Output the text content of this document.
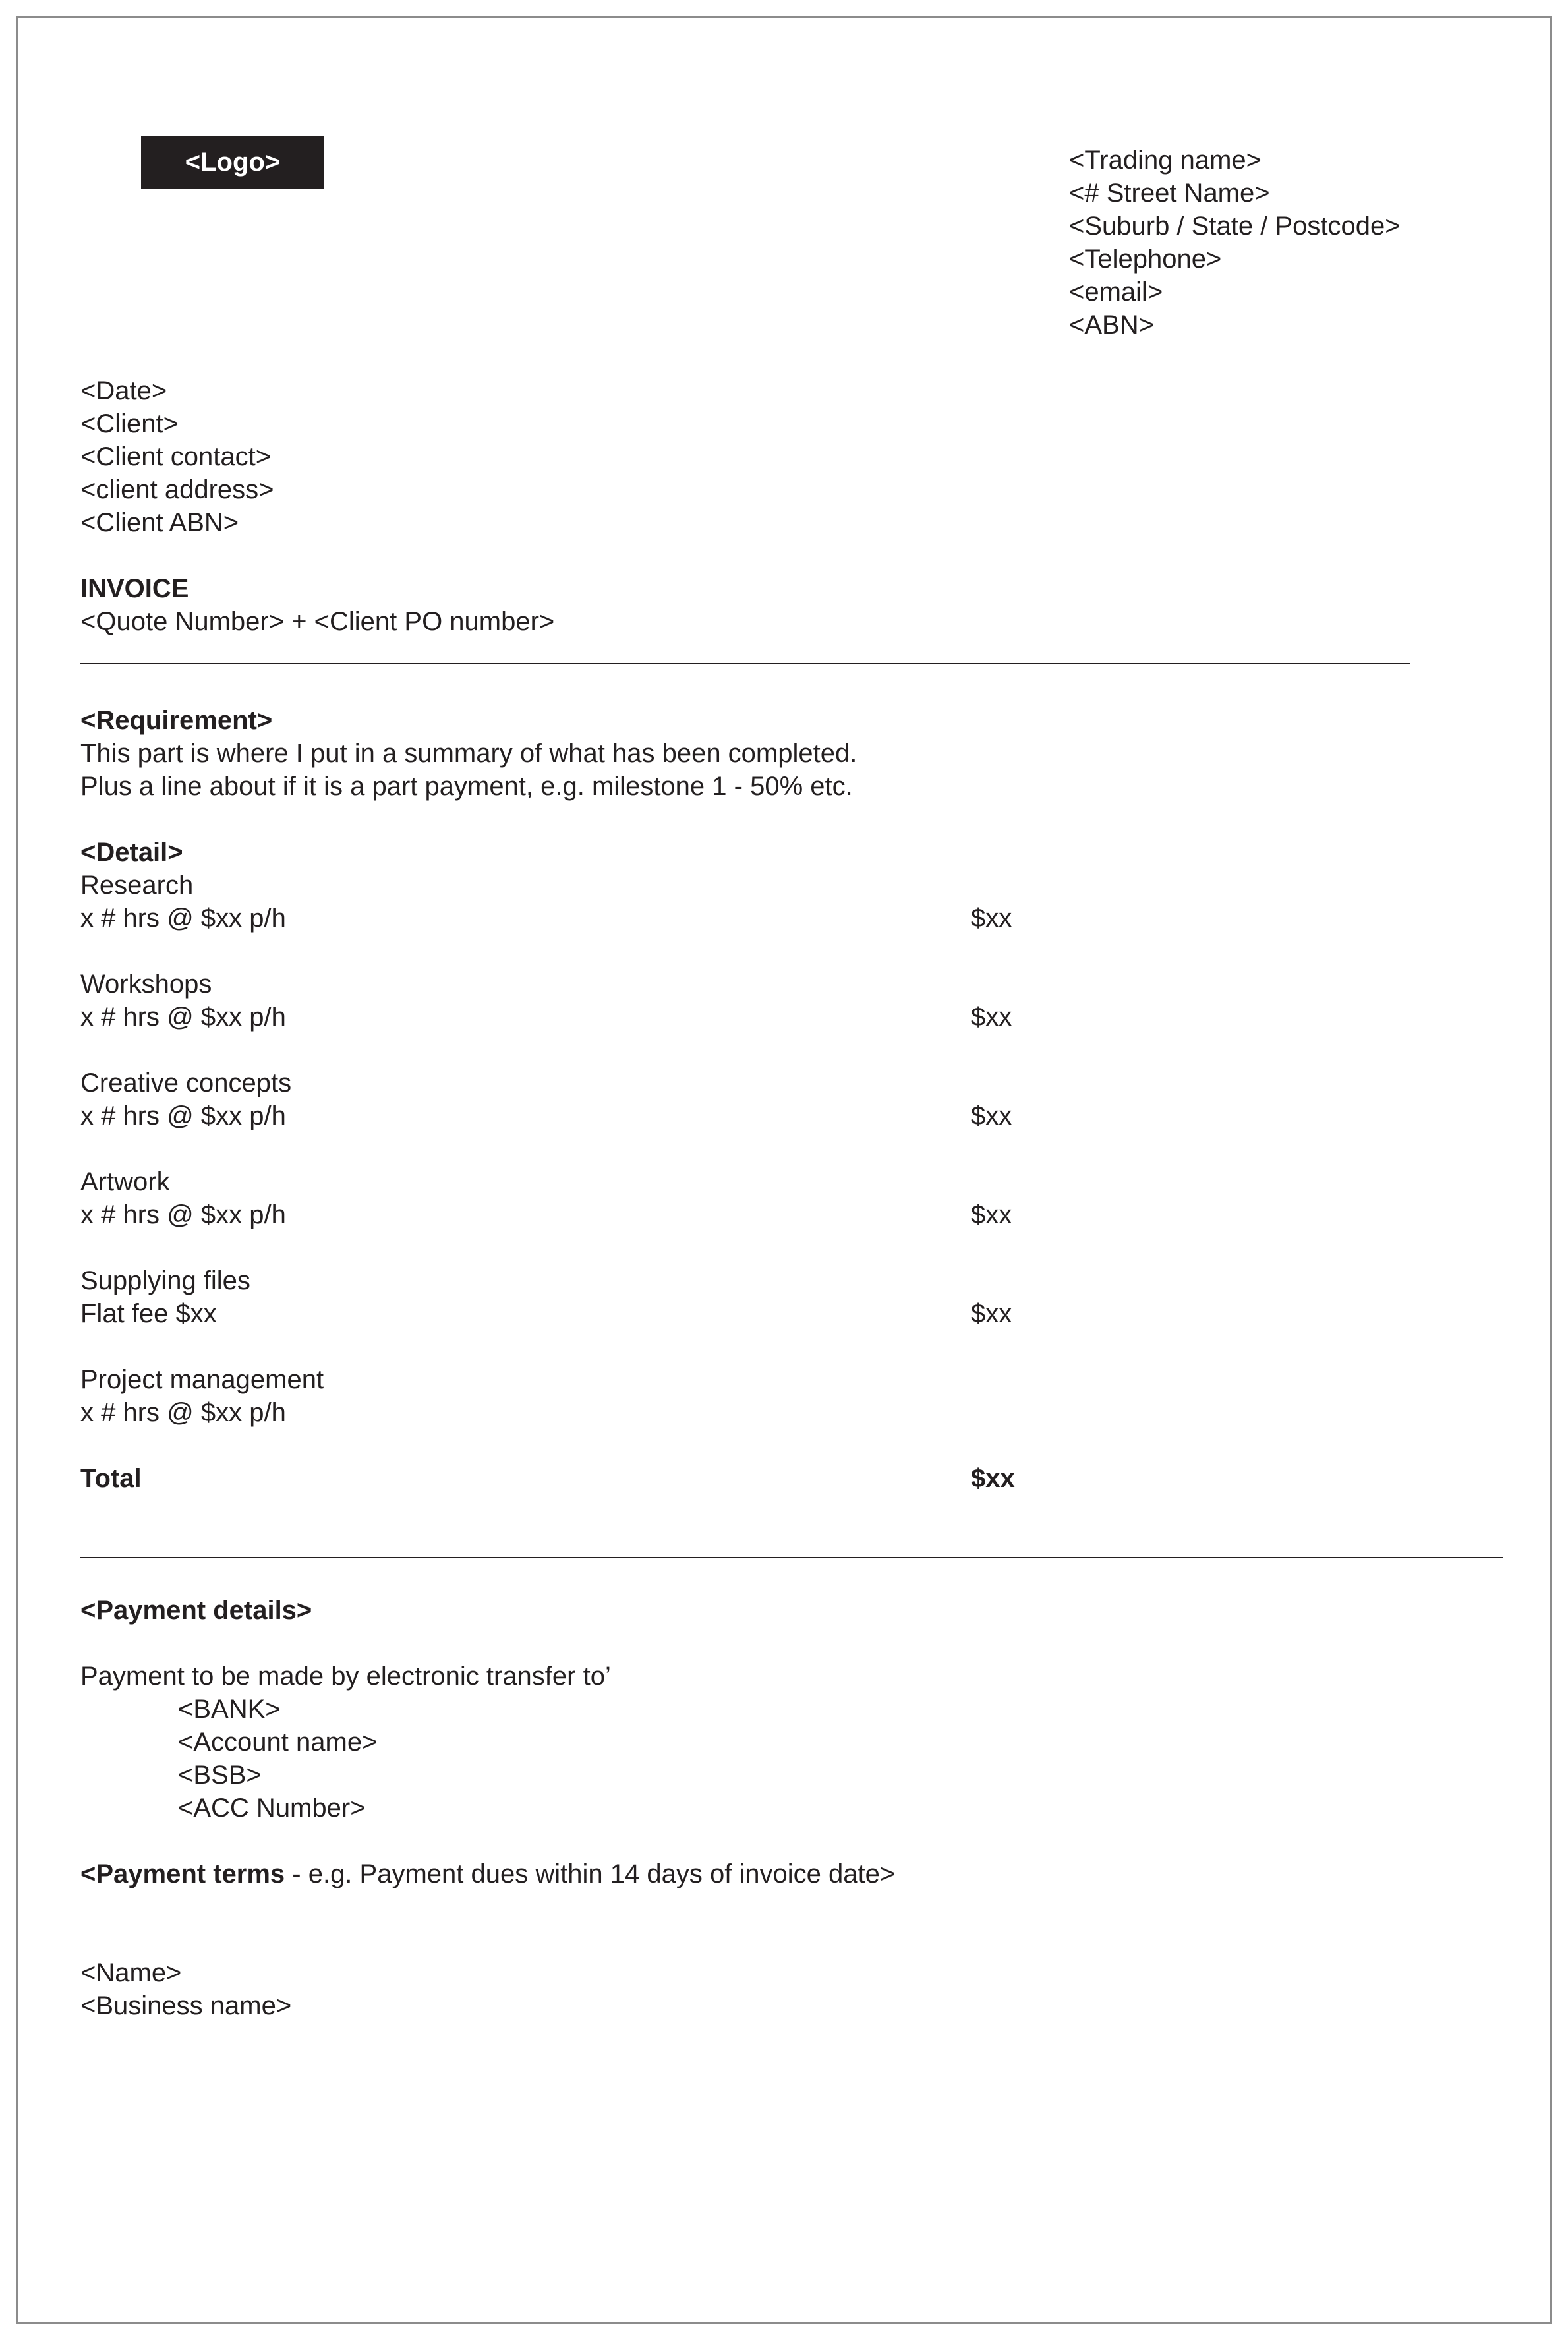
<Logo>	<Trading name>
<# Street Name>
<Suburb / State / Postcode>
<Telephone>
<email>
<ABN>
<Date>
<Client>
<Client contact>
<client address>
<Client ABN>
INVOICE
<Quote Number> + <Client PO number>
<Requirement>
This part is where I put in a summary of what has been completed.
Plus a line about if it is a part payment, e.g. milestone 1 - 50% etc.
<Detail>
Research
x # hrs @ $xx p/h	$xx
Workshops
x # hrs @ $xx p/h	$xx
Creative concepts
x # hrs @ $xx p/h	$xx
Artwork
x # hrs @ $xx p/h	$xx
Supplying files
Flat fee $xx	$xx
Project management
x # hrs @ $xx p/h
Total	$xx
<Payment details>
Payment to be made by electronic transfer to’
<BANK>
<Account name>
<BSB>
<ACC Number>
<Payment terms - e.g. Payment dues within 14 days of invoice date>
<Name>
<Business name>
